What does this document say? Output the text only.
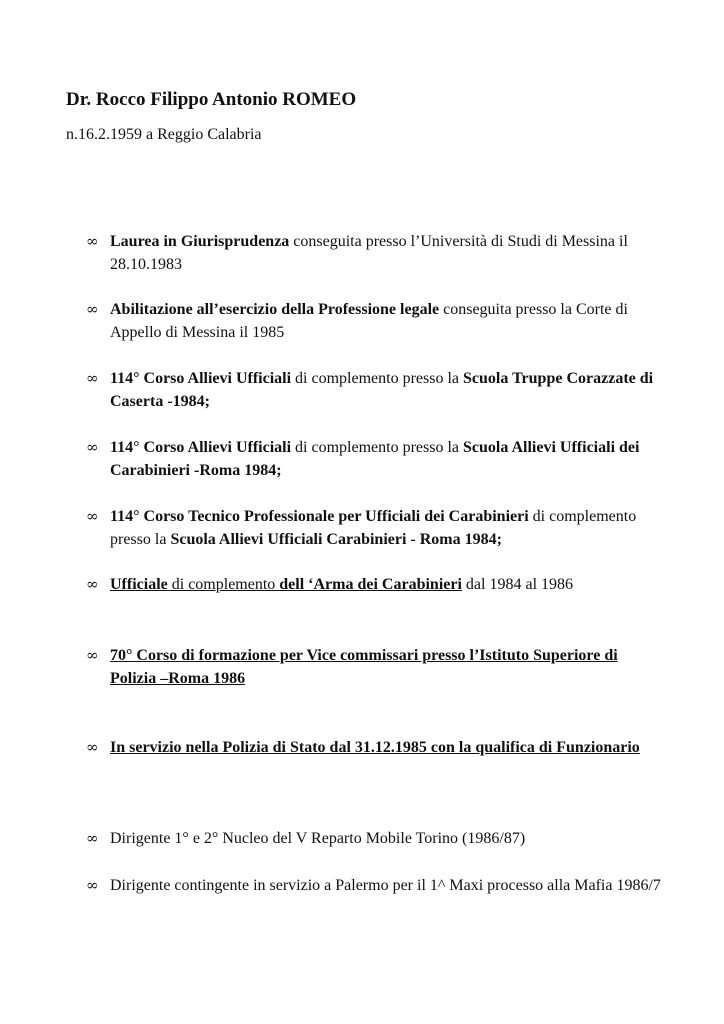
Dr. Rocco Filippo Antonio ROMEO

n.16.2.1959 a Reggio Calabria

∞ Laurea in Giurisprudenza conseguita presso l’Università di Studi di Messina il 28.10.1983
∞ Abilitazione all’esercizio della Professione legale conseguita presso la Corte di Appello di Messina il 1985
∞ 114° Corso Allievi Ufficiali di complemento presso la Scuola Truppe Corazzate di Caserta -1984;
∞ 114° Corso Allievi Ufficiali di complemento presso la Scuola Allievi Ufficiali dei Carabinieri -Roma 1984;
∞ 114° Corso Tecnico Professionale per Ufficiali dei Carabinieri di complemento presso la Scuola Allievi Ufficiali Carabinieri - Roma 1984;
∞ Ufficiale di complemento dell ‘Arma dei Carabinieri dal 1984 al 1986
∞ 70° Corso di formazione per Vice commissari presso l’Istituto Superiore di Polizia –Roma 1986
∞ In servizio nella Polizia di Stato dal 31.12.1985 con la qualifica di Funzionario
∞ Dirigente 1° e 2° Nucleo del V Reparto Mobile Torino (1986/87)
∞ Dirigente contingente in servizio a Palermo per il 1^ Maxi processo alla Mafia 1986/7
